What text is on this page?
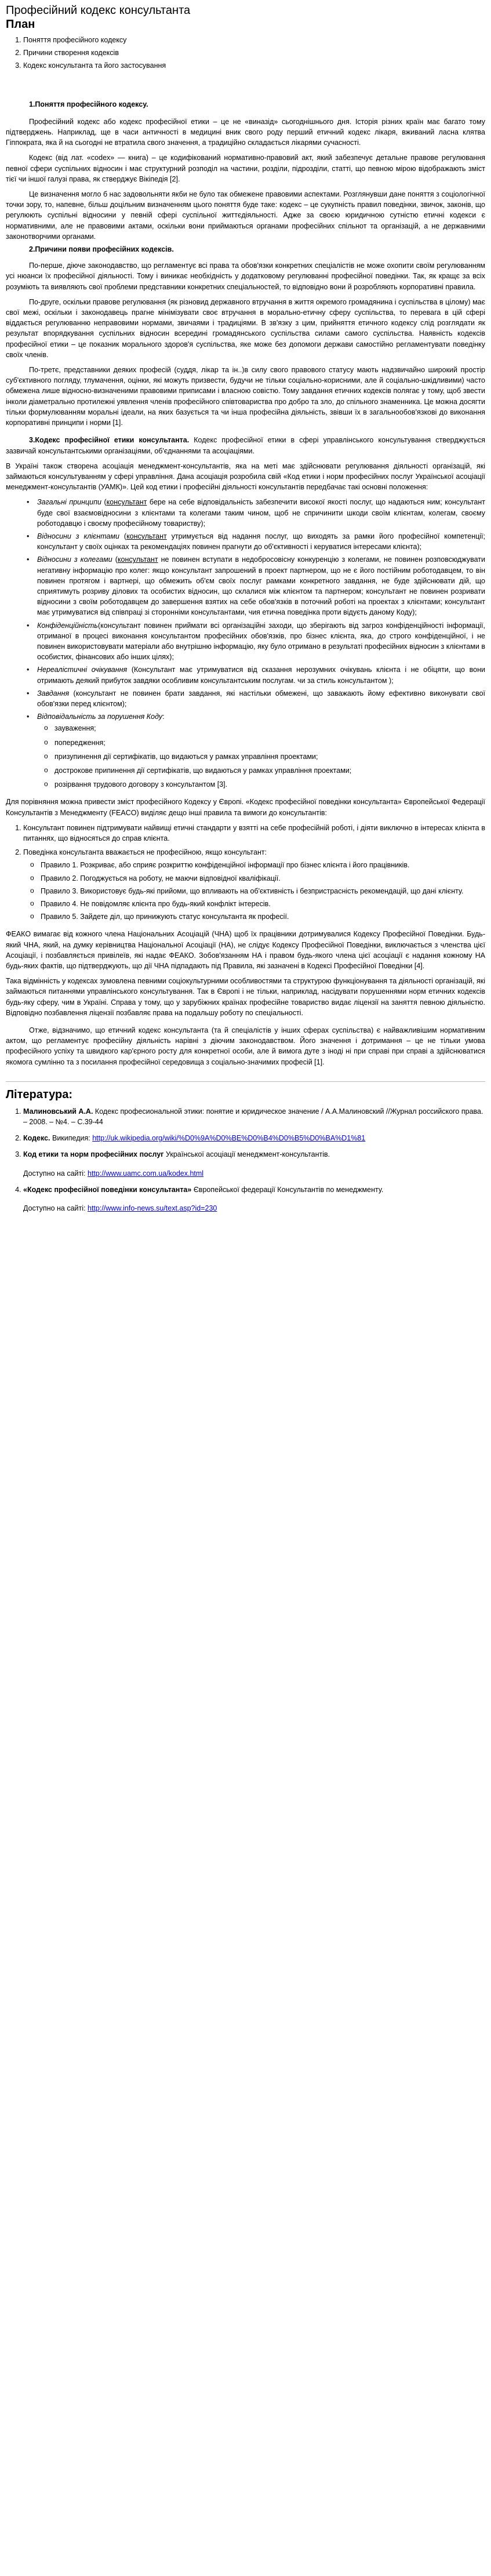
Професійний кодекс консультанта
План
1. Поняття професійного кодексу
2. Причини створення кодексів
3. Кодекс консультанта та його застосування
1.Поняття професійного кодексу.

Професійний кодекс або кодекс професійної етики – це не «виназід» сьогоднішнього дня. Історія різних країн має багато тому підтверджень. Наприклад, ще в часи античності в медицині вник свого роду перший етичний кодекс лікаря, вживаний ласна клятва Гіппократа, яка й на сьогодні не втратила свого значення, а традиційно складається лікарями сучасності.

Кодекс (від лат. «codex» — книга) – це кодифікований нормативно-правовий акт, який забезпечує детальне правове регулювання певної сфери суспільних відносин і має структурний розподіл на частини, розділи, підрозділи, статті, що певною мірою відображають зміст тієї чи іншої галузі права, як стверджує Вікіпедія [2].

Це визначення могло б нас задовольняти якби не було так обмежене правовими аспектами. Розглянувши дане поняття з соціологічної точки зору, то, напевне, більш доцільним визначенням цього поняття буде таке: кодекс – це сукупність правил поведінки, звичок, законів, що регулюють суспільні відносини у певній сфері суспільної життєдіяльності. Адже за своєю юридичною сутністю етичні кодекси є нормативними, але не правовими актами, оскільки вони приймаються органами професійних спільнот та організацій, а не державними законотворчими органами.

2.Причини появи професійних кодексів.

По-перше, діюче законодавство, що регламентує всі права та обов'язки конкретних спеціалістів не може охопити своїм регулюванням усі нюанси їх професійної діяльності. Тому і виникає необхідність у додатковому регулюванні професійної поведінки. Так, як кращє за всіх розуміють та виявляють свої проблеми представники конкретних спеціальностей, то відповідно вони й розробляють корпоративні правила.

По-друге, оскільки правове регулювання (як різновид державного втручання в життя окремого громадянина і суспільства в цілому) має свої межі, оскільки і законодавець прагне мінімізувати своє втручання в морально-етичну сферу суспільства, то перевага в цій сфері віддається регулюванню неправовими нормами, звичаями і традиціями. В зв'язку з цим, прийняття етичного кодексу слід розглядати як результат впорядкування суспільних відносин всередині громадянського суспільства силами самого суспільства. Наявність кодексів професійної етики – це показник морального здоров'я суспільства, яке може без допомоги держави самостійно регламентувати поведінку своїх членів.

По-третє, представники деяких професій (суддя, лікар та ін..)в силу свого правового статусу мають надзвичайно широкий простір суб'єктивного погляду, тлумачення, оцінки, які можуть призвести, будучи не тільки соціально-корисними, але й соціально-шкідливими) часто обмежена лише відносно-визначеними правовими приписами і власною совістю. Тому завдання етичних кодексів полягає у тому, щоб звести інколи діаметрально протилежні уявлення членів професійного співтовариства про добро та зло, до спільного знаменника. Це можна досягти тільки формулюванням моральні ідеали, на яких базується та чи інша професійна діяльність, звівши їх в загальнообов'язкові до виконання корпоративні принципи і норми [1].

3.Кодекс професійної етики консультанта. Кодекс професійної етики в сфері управлінського консультування стверджується зазвичай консультантськими організаціями, об'єднаннями та асоціаціями.

В Україні також створена асоціація менеджмент-консультантів, яка на меті має здійснювати регулювання діяльності організацій, які займаються консультуванням у сфері управління. Дана асоціація розробила свій «Код етики і норм професійних послуг Української асоціації менеджмент-консультантів (УАМК)». Цей код етики і професійні діяльності консультантів передбачає такі основні положення:

• Загальні принципи (консультант бере на себе відповідальність забезпечити високої якості послуг, що надаються ним; консультант буде свої взаємовідносини з клієнтами та колегами таким чином, щоб не спричинити шкоди своїм клієнтам, колегам, своєму роботодавцю і своєму професійному товариству);
• Відносини з клієнтами (консультант утримується від надання послуг, що виходять за рамки його професійної компетенції; консультант у своїх оцінках та рекомендаціях повинен прагнути до об'єктивності і керуватися інтересами клієнта);
• Відносини з колегами (консультант не повинен вступати в недобросовісну конкуренцію з колегами, не повинен розповсюджувати негативну інформацію про колег: якщо консультант запрошений в проект партнером, що не є його постійним роботодавцем, то він повинен протягом і вартнері, що обмежить об'єм своїх послуг рамками конкретного завдання, не буде здійснювати дій, що сприятимуть розриву ділових та особистих відносин, що склалися між клієнтом та партнером; консультант не повинен розривати відносини з своїм роботодавцем до завершення взятих на себе обов'язків в поточний роботі на проектах з клієнтами; консультант має утримуватися від співпраці зі сторонніми консультантами, чия етична поведінка проти відуєть даному Коду);
• Конфіденційність(консультант повинен приймати всі організаційні заходи, що зберігають від загроз конфіденційності інформації, отриманої в процесі виконання консультантом професійних обов'язків, про бізнес клієнта, яка, до строго конфіденційної, і не повинен використовувати матеріали або внутрішню інформацію, яку було отримано в результаті професійних відносин з клієнтами в особистих, фінансових або інших цілях);
• Нереалістичні очікування (Консультант має утримуватися від сказання нерозумних очікувань клієнта і не обіцяти, що вони отримають деякий прибуток завдяки особливим консультантським послугам. чи за стиль консультантом );
• Завдання (консультант не повинен брати завдання, які настільки обмежені, що заважають йому ефективно виконувати свої обов'язки перед клієнтом);
• Відповідальність за порушення Коду:
o зауваження;
o попередження;
o призупинення дії сертифікатів, що видаються у рамках управління проектами;
o дострокове припинення дії сертифікатів, що видаються у рамках управління проектами;
o розірвання трудового договору з консультантом [3].

Для порівняння можна привести зміст професійного Кодексу у Європі. «Кодекс професійної поведінки консультанта» Європейської Федерації Консультантів з Менеджменту (FEACO) виділяє дещо інші правила та вимоги до консультантів:

1. Консультант повинен підтримувати найвищі етичні стандарти у взятті на себе професійній роботі, і діяти виключно в інтересах клієнта в питаннях, що відносяться до справ клієнта.
2. Поведінка консультанта вважається не професійною, якщо консультант:
o Правило 1. Розкриває, або сприяє розкриттю конфіденційної інформації про бізнес клієнта і його працівників.
o Правило 2. Погоджується на роботу, не маючи відповідної кваліфікації.
o Правило 3. Використовує будь-які прийоми, що впливають на об'єктивність і безпристрасність рекомендацій, що дані клієнту.
o Правило 4. Не повідомляє клієнта про будь-який конфлікт інтересів.
o Правило 5. Зайдете діл, що принижують статус консультанта як професії.

ФЕАКО вимагає від кожного члена Національних Асоціацій (ЧНА) щоб їх працівники дотримувалися Кодексу Професійної Поведінки. Будь-який ЧНА, який, на думку керівництва Національної Асоціації (НА), не слідує Кодексу Професійної Поведінки, виключається з членства цієї Асоціації, і позбавляється привілеїв, які надає ФЕАКО. Зобов'язанням НА і правом будь-якого члена цієї асоціації є надання кожному НА будь-яких фактів, що підтверджують, що дії ЧНА підпадають під Правила, які зазначені в Кодексі Професійної Поведінки [4].

Така відмінність у кодексах зумовлена певними соціокультурними особливостями та структурою функціонування та діяльності організацій, які займаються питаннями управлінського консультування. Так в Європі і не тільки, наприклад, насідувати порушеннями норм етичних кодексів будь-яку сферу, чим в Україні. Справа у тому, що у зарубіжних країнах професійне товариство видає ліцензії на заняття певною діяльністю. Відповідно позбавлення ліцензії позбавляє права на подальшу роботу по спеціальності.

Отже, відзначимо, що етичний кодекс консультанта (та й спеціалістів у інших сферах суспільства) є найважливішим нормативним актом, що регламентує професійну діяльність нарівні з діючим законодавством. Його значення і дотримання – це не тільки умова професійного успіху та швидкого кар'єрного росту для конкретної особи, але й вимога дуте з іноді ні при справі при справі а здійснюватися якомога сумлінно та з посилання професійної середовища з соціально-значимих професій [1].

Література:
1. Малиновський А.А. Кодекс професиональной этики: понятие и юридическое значение / А.А.Малиновский //Журнал российского права. – 2008. – №4. – С.39-44
2. Кодекс. Википедия: http://uk.wikipedia.org/wiki/%D0%9A%D0%BE%D0%B4%D0%B5%D0%BA%D1%81
3. Код етики та норм професійних послуг Української асоціації менеджмент-консультантів.
Доступно на сайті: http://www.uamc.com.ua/kodex.html
4. «Кодекс професійної поведінки консультанта» Європейської федерації Консультантів по менеджменту.
Доступно на сайті: http://www.info-news.su/text.asp?id=230
